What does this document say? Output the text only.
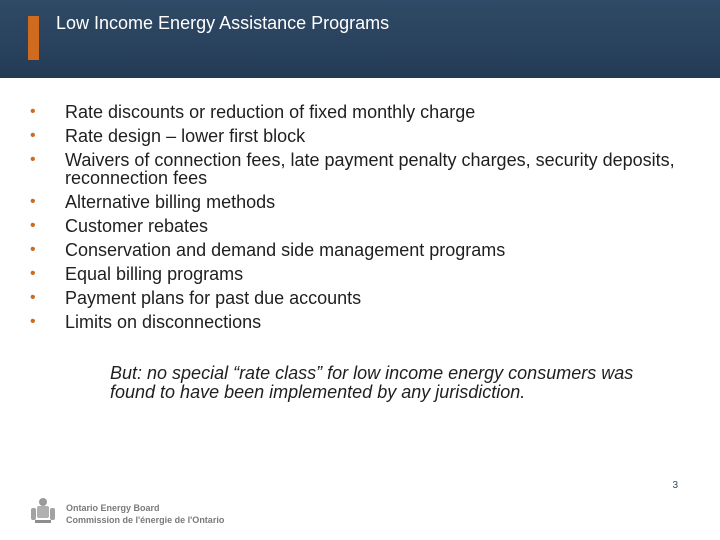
Low Income Energy Assistance Programs
• Rate discounts or reduction of fixed monthly charge
• Rate design – lower first block
• Waivers of connection fees, late payment penalty charges, security deposits, reconnection fees
• Alternative billing methods
• Customer rebates
• Conservation and demand side management programs
• Equal billing programs
• Payment plans for past due accounts
• Limits on disconnections
But: no special “rate class” for low income energy consumers was found to have been implemented by any jurisdiction.
Ontario Energy Board
Commission de l'énergie de l'Ontario
3
